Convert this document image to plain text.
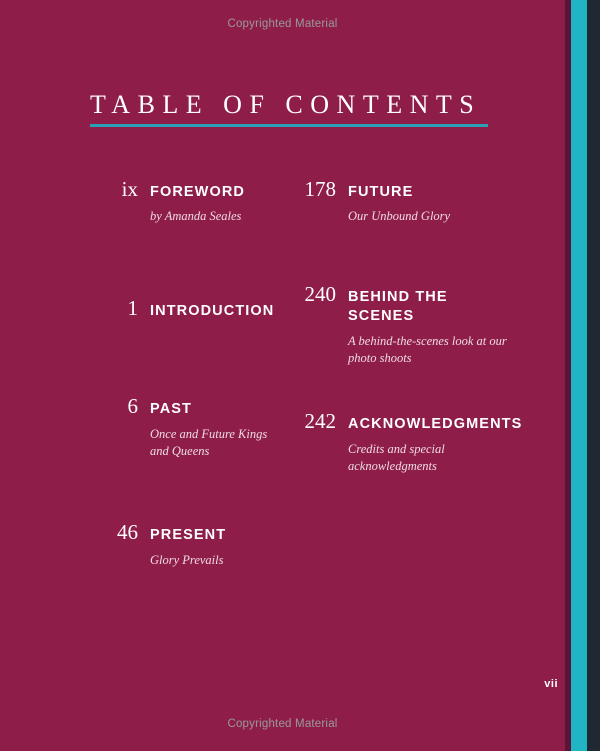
Copyrighted Material
TABLE OF CONTENTS
ix FOREWORD
by Amanda Seales
1 INTRODUCTION
6 PAST
Once and Future Kings and Queens
46 PRESENT
Glory Prevails
178 FUTURE
Our Unbound Glory
240 BEHIND THE SCENES
A behind-the-scenes look at our photo shoots
242 ACKNOWLEDGMENTS
Credits and special acknowledgments
vii
Copyrighted Material
